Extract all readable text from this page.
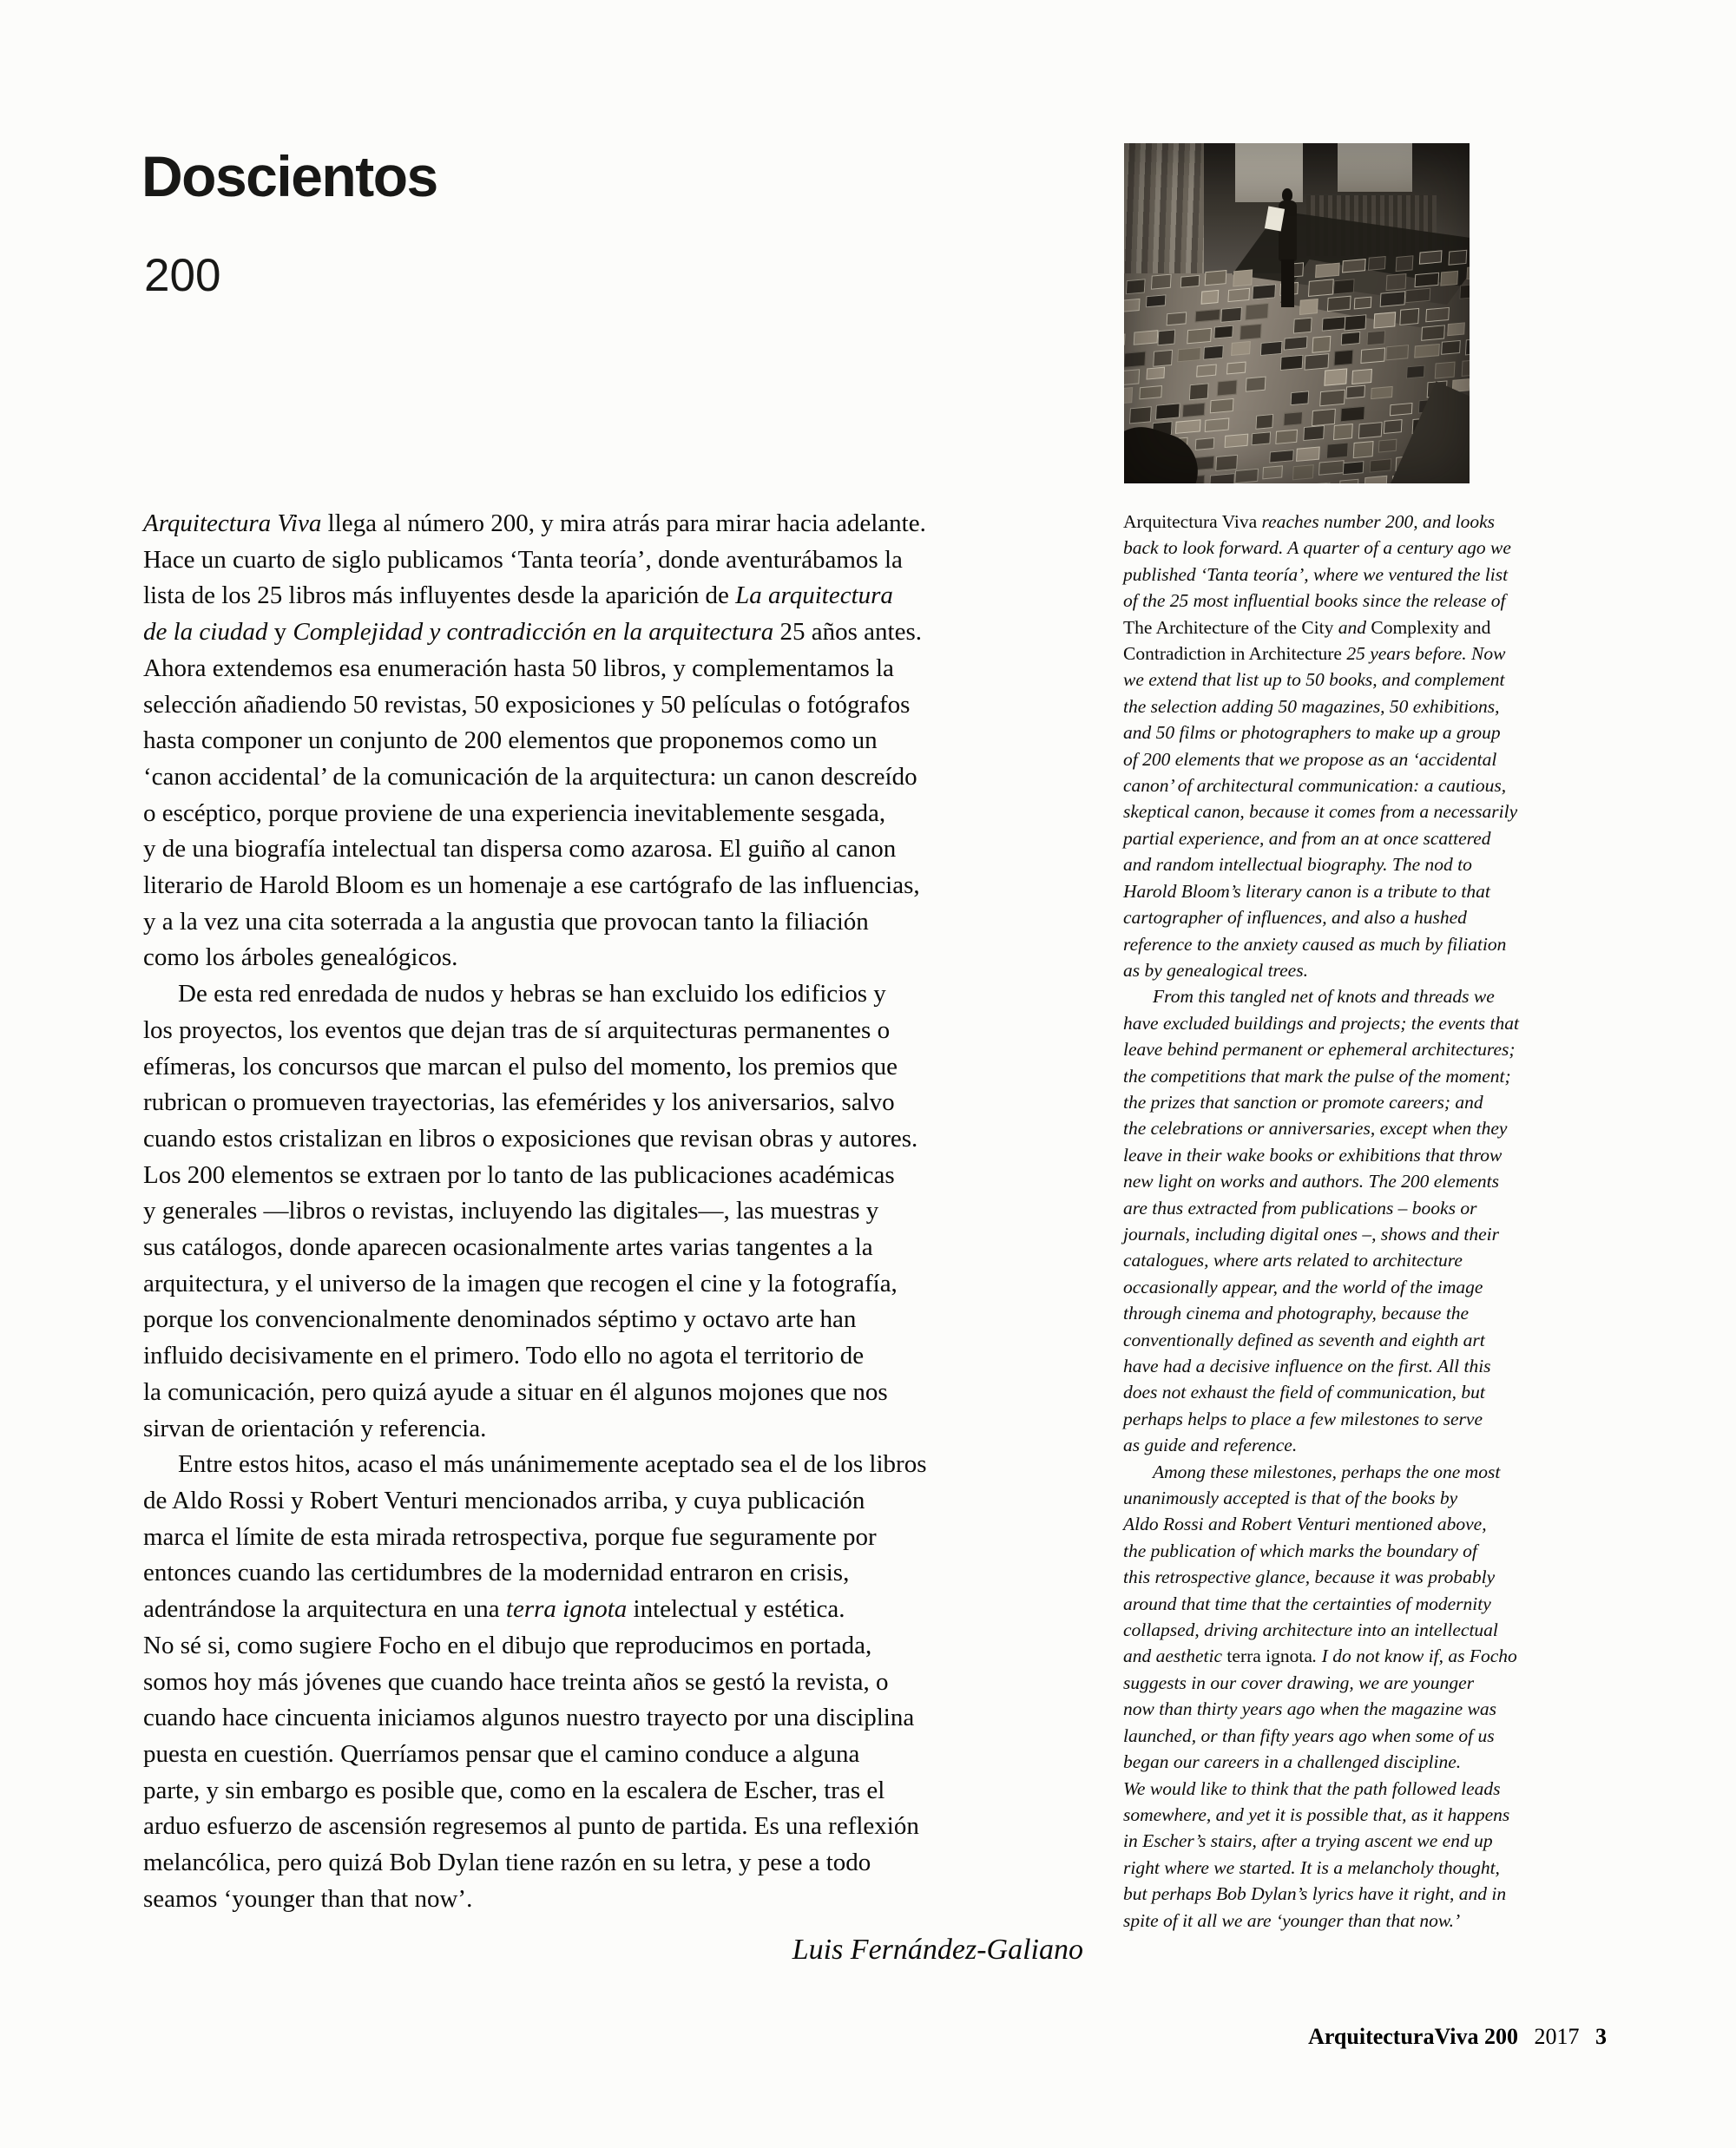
Doscientos
200
Arquitectura Viva llega al número 200, y mira atrás para mirar hacia adelante.
Hace un cuarto de siglo publicamos ‘Tanta teoría’, donde aventurábamos la
lista de los 25 libros más influyentes desde la aparición de La arquitectura
de la ciudad y Complejidad y contradicción en la arquitectura 25 años antes.
Ahora extendemos esa enumeración hasta 50 libros, y complementamos la
selección añadiendo 50 revistas, 50 exposiciones y 50 películas o fotógrafos
hasta componer un conjunto de 200 elementos que proponemos como un
‘canon accidental’ de la comunicación de la arquitectura: un canon descreído
o escéptico, porque proviene de una experiencia inevitablemente sesgada,
y de una biografía intelectual tan dispersa como azarosa. El guiño al canon
literario de Harold Bloom es un homenaje a ese cartógrafo de las influencias,
y a la vez una cita soterrada a la angustia que provocan tanto la filiación
como los árboles genealógicos.
De esta red enredada de nudos y hebras se han excluido los edificios y
los proyectos, los eventos que dejan tras de sí arquitecturas permanentes o
efímeras, los concursos que marcan el pulso del momento, los premios que
rubrican o promueven trayectorias, las efemérides y los aniversarios, salvo
cuando estos cristalizan en libros o exposiciones que revisan obras y autores.
Los 200 elementos se extraen por lo tanto de las publicaciones académicas
y generales —libros o revistas, incluyendo las digitales—, las muestras y
sus catálogos, donde aparecen ocasionalmente artes varias tangentes a la
arquitectura, y el universo de la imagen que recogen el cine y la fotografía,
porque los convencionalmente denominados séptimo y octavo arte han
influido decisivamente en el primero. Todo ello no agota el territorio de
la comunicación, pero quizá ayude a situar en él algunos mojones que nos
sirvan de orientación y referencia.
Entre estos hitos, acaso el más unánimemente aceptado sea el de los libros
de Aldo Rossi y Robert Venturi mencionados arriba, y cuya publicación
marca el límite de esta mirada retrospectiva, porque fue seguramente por
entonces cuando las certidumbres de la modernidad entraron en crisis,
adentrándose la arquitectura en una terra ignota intelectual y estética.
No sé si, como sugiere Focho en el dibujo que reproducimos en portada,
somos hoy más jóvenes que cuando hace treinta años se gestó la revista, o
cuando hace cincuenta iniciamos algunos nuestro trayecto por una disciplina
puesta en cuestión. Querríamos pensar que el camino conduce a alguna
parte, y sin embargo es posible que, como en la escalera de Escher, tras el
arduo esfuerzo de ascensión regresemos al punto de partida. Es una reflexión
melancólica, pero quizá Bob Dylan tiene razón en su letra, y pese a todo
seamos ‘younger than that now’.
Arquitectura Viva reaches number 200, and looks
back to look forward. A quarter of a century ago we
published ‘Tanta teoría’, where we ventured the list
of the 25 most influential books since the release of
The Architecture of the City and Complexity and
Contradiction in Architecture 25 years before. Now
we extend that list up to 50 books, and complement
the selection adding 50 magazines, 50 exhibitions,
and 50 films or photographers to make up a group
of 200 elements that we propose as an ‘accidental
canon’ of architectural communication: a cautious,
skeptical canon, because it comes from a necessarily
partial experience, and from an at once scattered
and random intellectual biography. The nod to
Harold Bloom’s literary canon is a tribute to that
cartographer of influences, and also a hushed
reference to the anxiety caused as much by filiation
as by genealogical trees.
From this tangled net of knots and threads we
have excluded buildings and projects; the events that
leave behind permanent or ephemeral architectures;
the competitions that mark the pulse of the moment;
the prizes that sanction or promote careers; and
the celebrations or anniversaries, except when they
leave in their wake books or exhibitions that throw
new light on works and authors. The 200 elements
are thus extracted from publications – books or
journals, including digital ones –, shows and their
catalogues, where arts related to architecture
occasionally appear, and the world of the image
through cinema and photography, because the
conventionally defined as seventh and eighth art
have had a decisive influence on the first. All this
does not exhaust the field of communication, but
perhaps helps to place a few milestones to serve
as guide and reference.
Among these milestones, perhaps the one most
unanimously accepted is that of the books by
Aldo Rossi and Robert Venturi mentioned above,
the publication of which marks the boundary of
this retrospective glance, because it was probably
around that time that the certainties of modernity
collapsed, driving architecture into an intellectual
and aesthetic terra ignota. I do not know if, as Focho
suggests in our cover drawing, we are younger
now than thirty years ago when the magazine was
launched, or than fifty years ago when some of us
began our careers in a challenged discipline.
We would like to think that the path followed leads
somewhere, and yet it is possible that, as it happens
in Escher’s stairs, after a trying ascent we end up
right where we started. It is a melancholy thought,
but perhaps Bob Dylan’s lyrics have it right, and in
spite of it all we are ‘younger than that now.’
Luis Fernández-Galiano
ArquitecturaViva 200 2017 3
